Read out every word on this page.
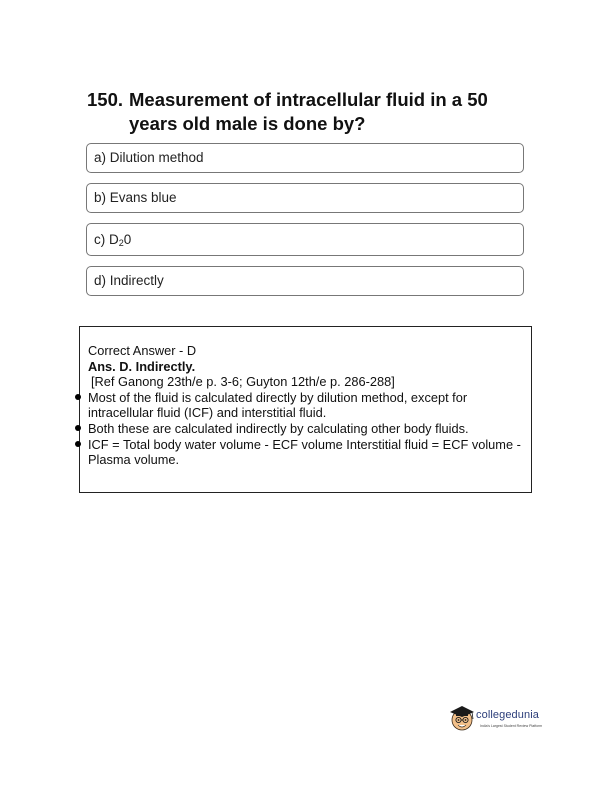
150. Measurement of intracellular fluid in a 50
years old male is done by?
a) Dilution method
b) Evans blue
c) $D_20$
d) Indirectly
Correct Answer - D
Ans. D. Indirectly.
[Ref Ganong 23th/e p. 3-6; Guyton 12th/e p. 286-288]
Most of the fluid is calculated directly by dilution method, except for intracellular fluid (ICF) and interstitial fluid.
Both these are calculated indirectly by calculating other body fluids.
ICF = Total body water volume - ECF volume Interstitial fluid = ECF volume - Plasma volume.
collegedunia
India's Largest Student Review Platform
